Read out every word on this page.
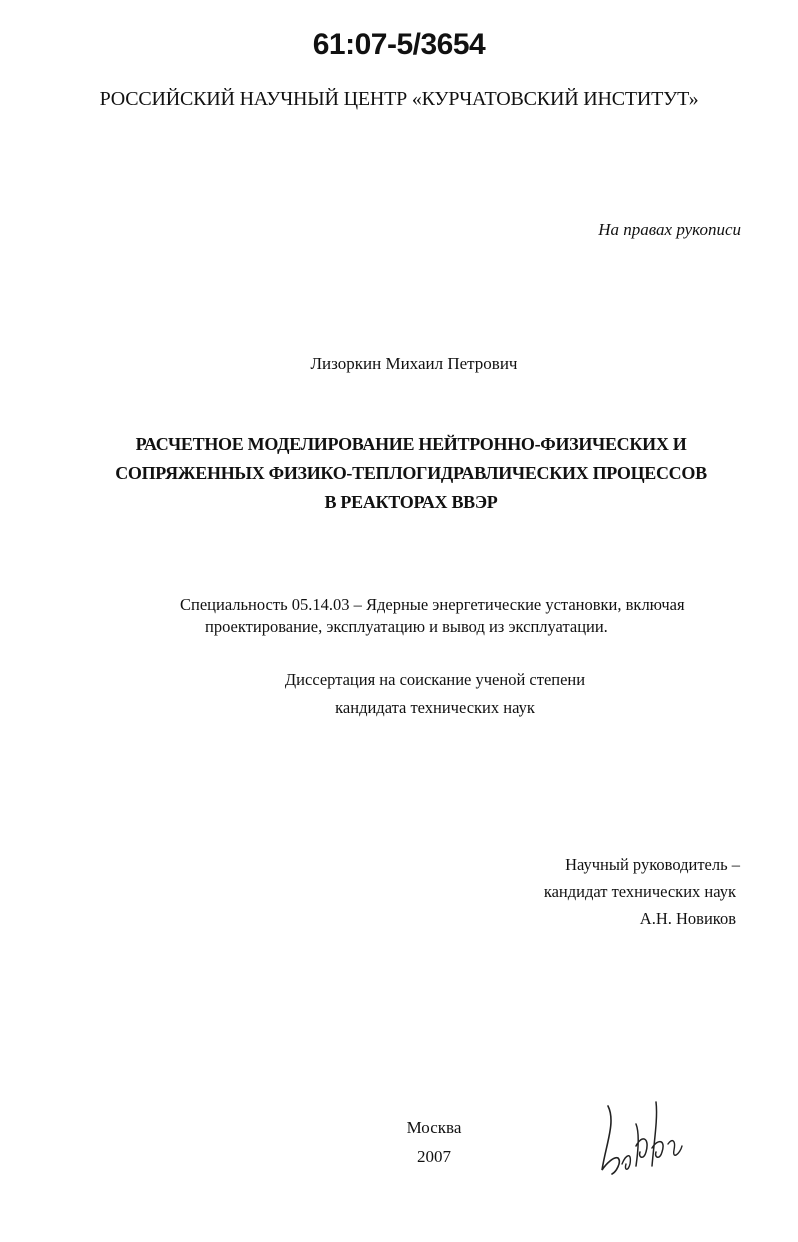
61:07-5/3654
РОССИЙСКИЙ НАУЧНЫЙ ЦЕНТР «КУРЧАТОВСКИЙ ИНСТИТУТ»
На правах рукописи
Лизоркин Михаил Петрович
РАСЧЕТНОЕ МОДЕЛИРОВАНИЕ НЕЙТРОННО-ФИЗИЧЕСКИХ И
СОПРЯЖЕННЫХ ФИЗИКО-ТЕПЛОГИДРАВЛИЧЕСКИХ ПРОЦЕССОВ
В РЕАКТОРАХ ВВЭР
Специальность 05.14.03 – Ядерные энергетические установки, включая
проектирование, эксплуатацию и вывод из эксплуатации.
Диссертация на соискание ученой степени
кандидата технических наук
Научный руководитель –
кандидат технических наук
А.Н. Новиков
Москва
2007
